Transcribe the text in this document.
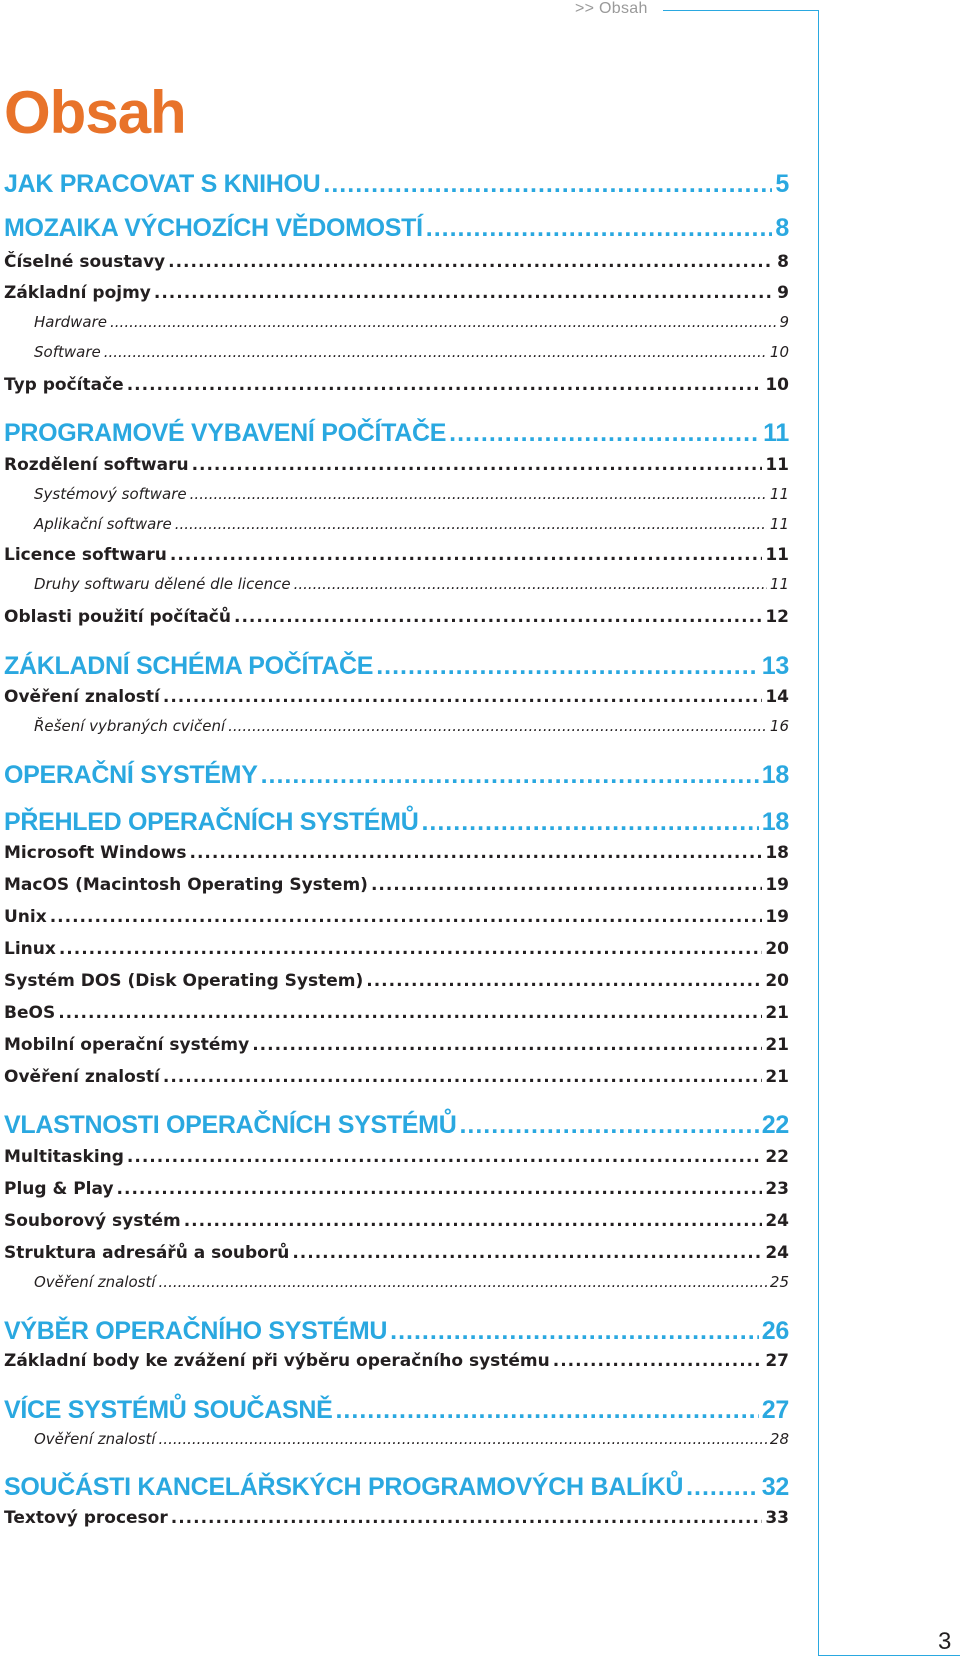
>> Obsah
Obsah
JAK PRACOVAT S KNIHOU .....	5
MOZAIKA VÝCHOZÍCH VĚDOMOSTÍ .....	8
Číselné soustavy .....	8
Základní pojmy .....	9
Hardware .....	9
Software .....	10
Typ počítače .....	10
PROGRAMOVÉ VYBAVENÍ POČÍTAČE .....	11
Rozdělení softwaru .....	11
Systémový software .....	11
Aplikační software .....	11
Licence softwaru .....	11
Druhy softwaru dělené dle licence .....	11
Oblasti použití počítačů .....	12
ZÁKLADNÍ SCHÉMA POČÍTAČE .....	13
Ověření znalostí .....	14
Řešení vybraných cvičení .....	16
OPERAČNÍ SYSTÉMY .....	18
PŘEHLED OPERAČNÍCH SYSTÉMŮ .....	18
Microsoft Windows .....	18
MacOS (Macintosh Operating System) .....	19
Unix .....	19
Linux .....	20
Systém DOS (Disk Operating System) .....	20
BeOS .....	21
Mobilní operační systémy .....	21
Ověření znalostí .....	21
VLASTNOSTI OPERAČNÍCH SYSTÉMŮ .....	22
Multitasking .....	22
Plug & Play .....	23
Souborový systém .....	24
Struktura adresářů a souborů .....	24
Ověření znalostí .....	25
VÝBĚR OPERAČNÍHO SYSTÉMU .....	26
Základní body ke zvážení při výběru operačního systému .....	27
VÍCE SYSTÉMŮ SOUČASNĚ .....	27
Ověření znalostí .....	28
SOUČÁSTI KANCELÁŘSKÝCH PROGRAMOVÝCH BALÍKŮ .....	32
Textový procesor .....	33
3
